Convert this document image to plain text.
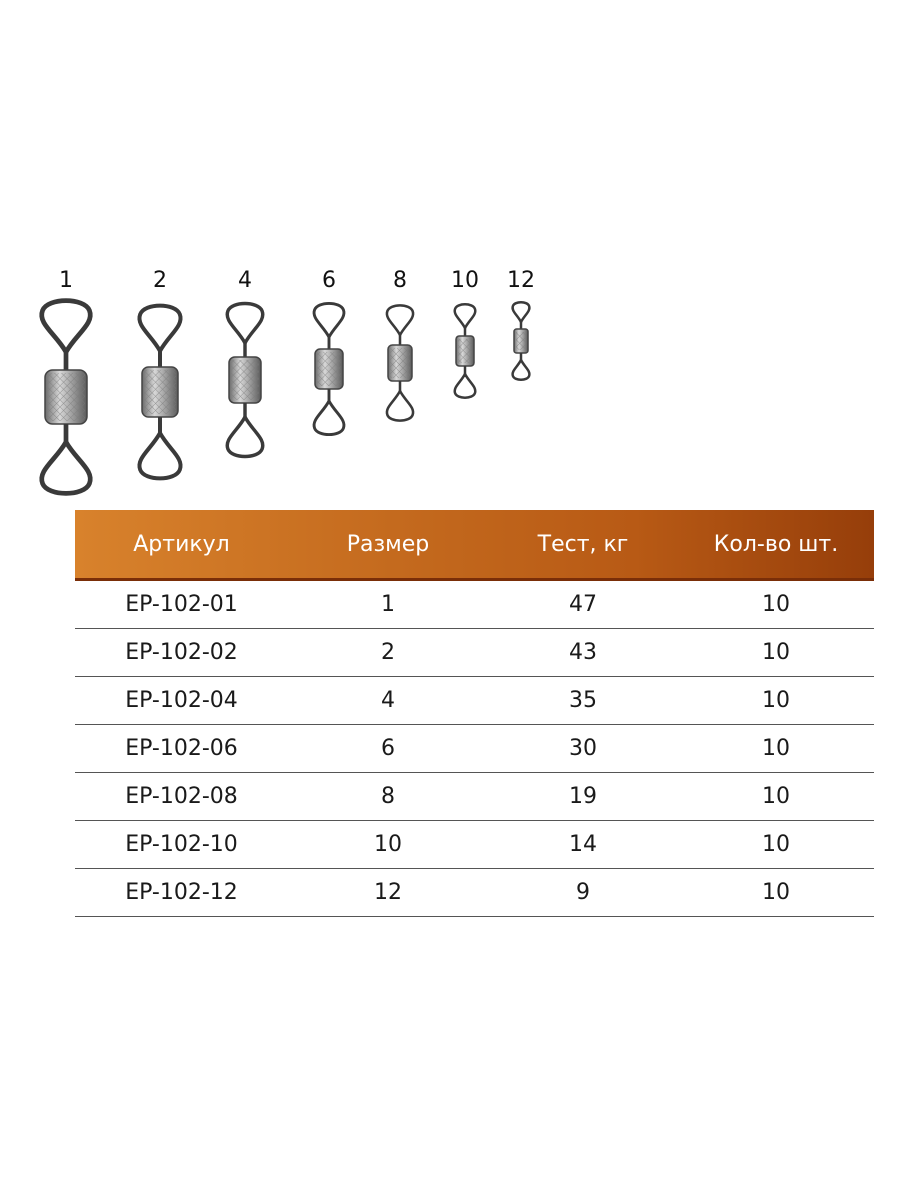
1	2	4	6	8	10 12
Артикул	Размер	Тест, кг	Кол-во шт.
EP-102-01	1	47	10
EP-102-02	2	43	10
EP-102-04	4	35	10
EP-102-06	6	30	10
EP-102-08	8	19	10
EP-102-10	10	14	10
EP-102-12	12	9	10
